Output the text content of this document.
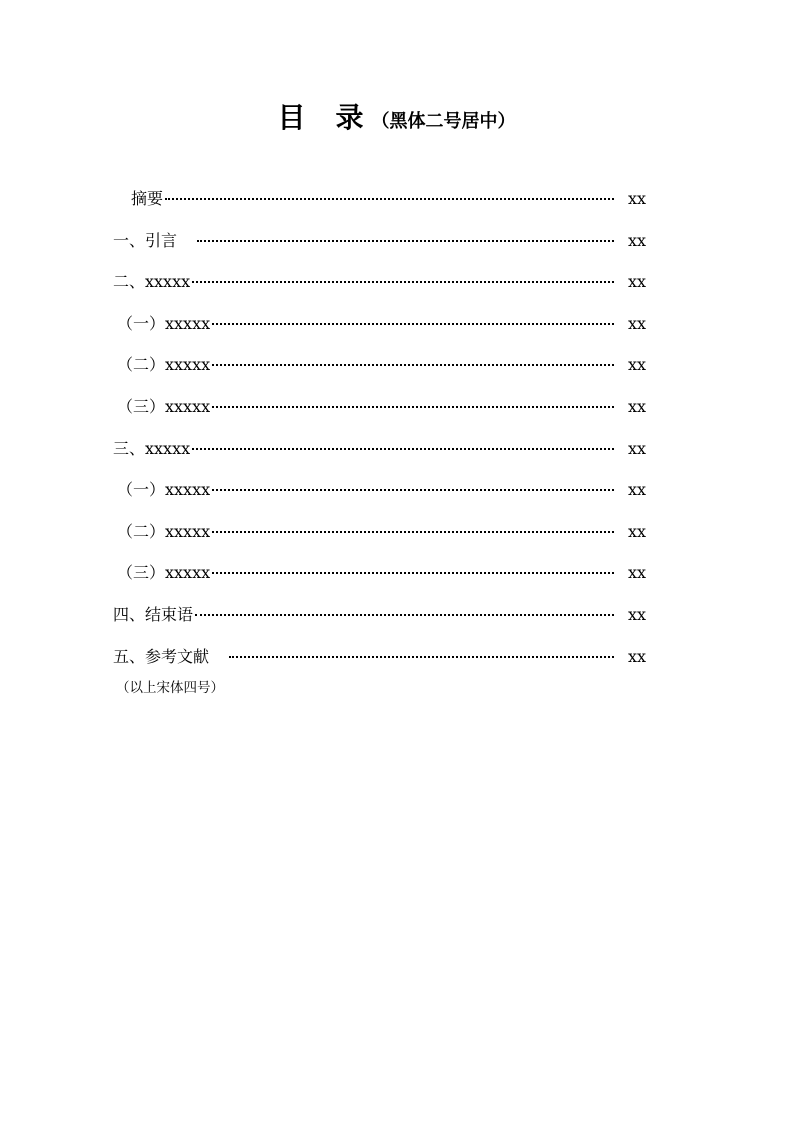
目录（黑体二号居中）
摘要	xx
一、引言	xx
二、xxxxx	xx
（一）xxxxx	xx
（二）xxxxx	xx
（三）xxxxx	xx
三、xxxxx	xx
（一）xxxxx	xx
（二）xxxxx	xx
（三）xxxxx	xx
四、结束语	xx
五、参考文献	xx
（以上宋体四号）
